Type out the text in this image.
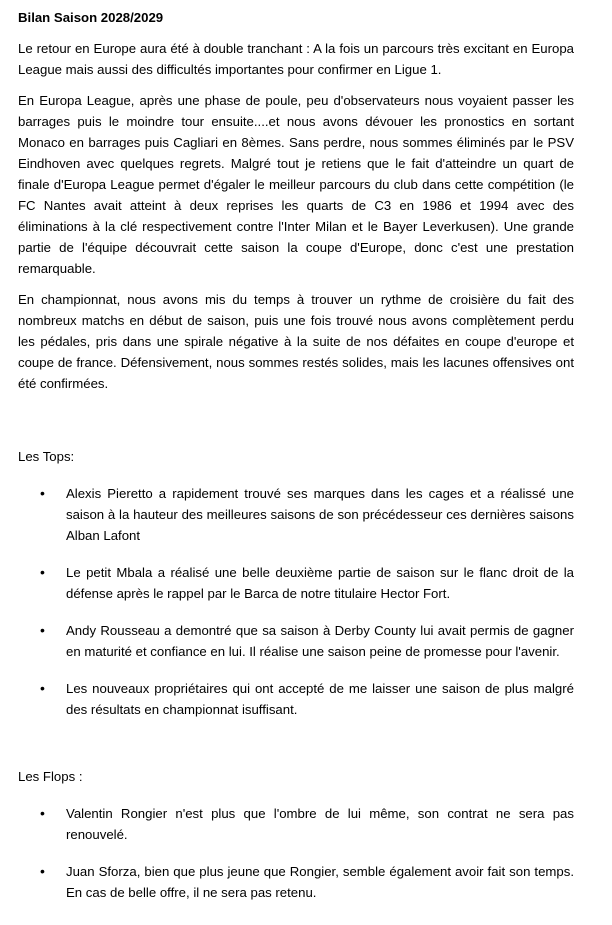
Bilan Saison 2028/2029

Le retour en Europe aura été à double tranchant : A la fois un parcours très excitant en Europa League mais aussi des difficultés importantes pour confirmer en Ligue 1.

En Europa League, après une phase de poule, peu d'observateurs nous voyaient passer les barrages puis le moindre tour ensuite....et nous avons dévouer les pronostics en sortant Monaco en barrages puis Cagliari en 8èmes. Sans perdre, nous sommes éliminés par le PSV Eindhoven avec quelques regrets. Malgré tout je retiens que le fait d'atteindre un quart de finale d'Europa League permet d'égaler le meilleur parcours du club dans cette compétition (le FC Nantes avait atteint à deux reprises les quarts de C3 en 1986 et 1994 avec des éliminations à la clé respectivement contre l'Inter Milan et le Bayer Leverkusen). Une grande partie de l'équipe découvrait cette saison la coupe d'Europe, donc c'est une prestation remarquable.

En championnat, nous avons mis du temps à trouver un rythme de croisière du fait des nombreux matchs en début de saison, puis une fois trouvé nous avons complètement perdu les pédales, pris dans une spirale négative à la suite de nos défaites en coupe d'europe et coupe de france. Défensivement, nous sommes restés solides, mais les lacunes offensives ont été confirmées.

Les Tops:

• Alexis Pieretto a rapidement trouvé ses marques dans les cages et a réalissé une saison à la hauteur des meilleures saisons de son précédesseur ces dernières saisons Alban Lafont
• Le petit Mbala a réalisé une belle deuxième partie de saison sur le flanc droit de la défense après le rappel par le Barca de notre titulaire Hector Fort.
• Andy Rousseau a demontré que sa saison à Derby County lui avait permis de gagner en maturité et confiance en lui. Il réalise une saison peine de promesse pour l'avenir.
• Les nouveaux propriétaires qui ont accepté de me laisser une saison de plus malgré des résultats en championnat isuffisant.

Les Flops :

• Valentin Rongier n'est plus que l'ombre de lui même, son contrat ne sera pas renouvelé.
• Juan Sforza, bien que plus jeune que Rongier, semble également avoir fait son temps. En cas de belle offre, il ne sera pas retenu.
